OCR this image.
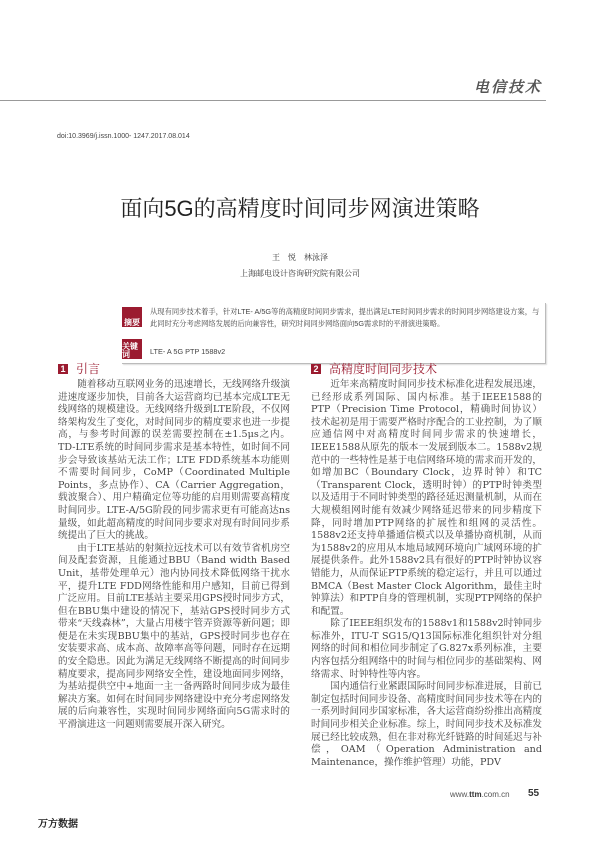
电信技术
doi:10.3969/j.issn.1000- 1247.2017.08.014
面向5G的高精度时间同步网演进策略
王　悦　林泳泽
上海邮电设计咨询研究院有限公司
摘要
从现有同步技术着手，针对LTE- A/5G等的高精度时间同步需求，提出满足LTE时间同步需求的时间同步网络建设方案，与此同时充分考虑网络发展的后向兼容性，研究时间同步网络面向5G需求时的平滑演进策略。
关键词	LTE- A 5G PTP 1588v2
1 引言

随着移动互联网业务的迅速增长，无线网络升级演进速度逐步加快，目前各大运营商均已基本完成LTE无线网络的规模建设。无线网络升级到LTE阶段，不仅网络架构发生了变化，对时间同步的精度要求也进一步提高，与参考时间源的误差需要控制在±1.5μs之内。TD-LTE系统的时间同步需求是基本特性，如时间不同步会导致该基站无法工作；LTE FDD系统基本功能则不需要时间同步，CoMP（Coordinated Multiple Points，多点协作）、CA（Carrier Aggregation，载波聚合）、用户精确定位等功能的启用则需要高精度时间同步。LTE-A/5G阶段的同步需求更有可能高达ns量级，如此超高精度的时间同步要求对现有时间同步系统提出了巨大的挑战。

由于LTE基站的射频拉远技术可以有效节省机房空间及配套资源，且能通过BBU（Band width Based Unit，基带处理单元）池内协同技术降低网络干扰水平，提升LTE FDD网络性能和用户感知，目前已得到广泛应用。目前LTE基站主要采用GPS授时同步方式，但在BBU集中建设的情况下，基站GPS授时同步方式带来“天线森林”，大量占用楼宇管弄资源等新问题；即便是在未实现BBU集中的基站，GPS授时同步也存在安装要求高、成本高、故障率高等问题，同时存在远期的安全隐患。因此为满足无线网络不断提高的时间同步精度要求，提高同步网络安全性，建设地面同步网络，为基站提供空中+地面一主一备两路时间同步成为最佳解决方案。如何在时间同步网络建设中充分考虑网络发展的后向兼容性，实现时间同步网络面向5G需求时的平滑演进这一问题则需要展开深入研究。

2 高精度时间同步技术

近年来高精度时间同步技术标准化进程发展迅速，已经形成系列国际、国内标准。基于IEEE1588的PTP（Precision Time Protocol，精确时间协议）技术起初是用于需要严格时序配合的工业控制，为了顺应通信网中对高精度时间同步需求的快速增长，IEEE1588从原先的版本一发展到版本二。1588v2规范中的一些特性是基于电信网络环境的需求而开发的，如增加BC（Boundary Clock，边界时钟）和TC（Transparent Clock，透明时钟）的PTP时钟类型以及适用于不同时钟类型的路径延迟测量机制，从而在大规模组网时能有效减少网络延迟带来的同步精度下降，同时增加PTP网络的扩展性和组网的灵活性。1588v2还支持单播通信模式以及单播协商机制，从而为1588v2的应用从本地局域网环境向广域网环境的扩展提供条件。此外1588v2具有很好的PTP时钟协议容错能力，从而保证PTP系统的稳定运行，并且可以通过BMCA（Best Master Clock Algorithm，最佳主时钟算法）和PTP自身的管理机制，实现PTP网络的保护和配置。

除了IEEE组织发布的1588v1和1588v2时钟同步标准外，ITU-T SG15/Q13国际标准化组织针对分组网络的时间和相位同步制定了G.827x系列标准，主要内容包括分组网络中的时间与相位同步的基础架构、网络需求、时钟特性等内容。

国内通信行业紧跟国际时间同步标准进展，目前已制定包括时间同步设备、高精度时间同步技术等在内的一系列时间同步国家标准，各大运营商纷纷推出高精度时间同步相关企业标准。综上，时间同步技术及标准发展已经比较成熟，但在非对称光纤链路的时间延迟与补偿，OAM（Operation Administration and Maintenance，操作维护管理）功能，PDV

www.ttm.com.cn 55
万方数据
